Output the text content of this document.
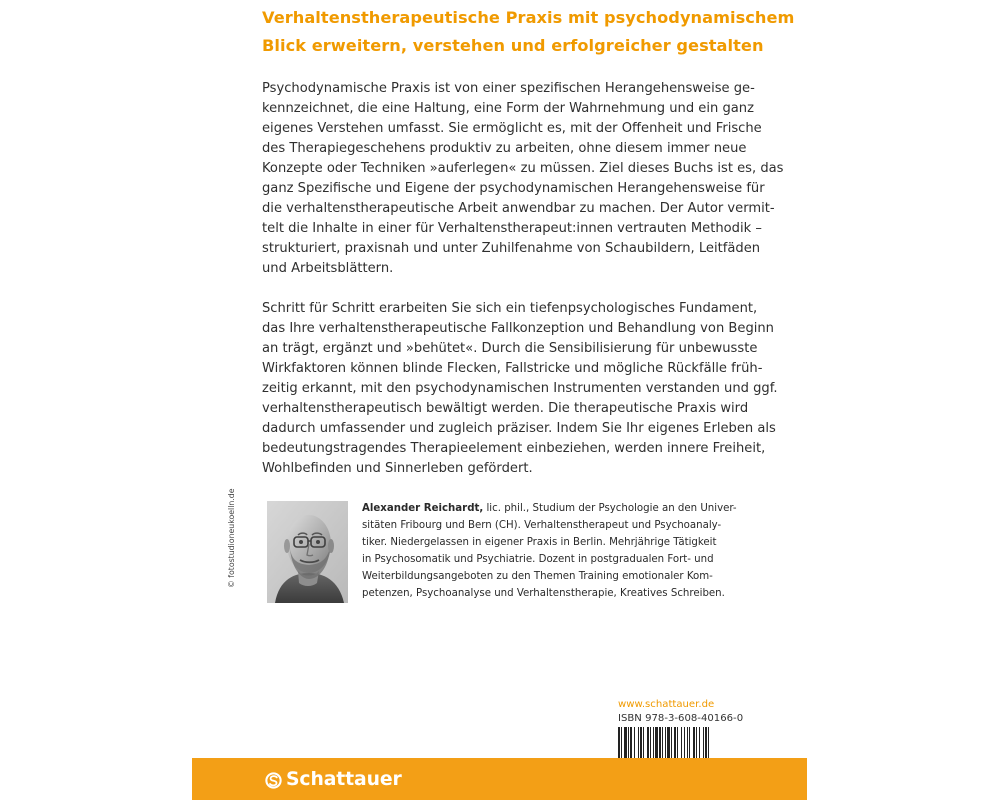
Verhaltenstherapeutische Praxis mit psychodynamischem
Blick erweitern, verstehen und erfolgreicher gestalten
Psychodynamische Praxis ist von einer spezifischen Herangehensweise ge-
kennzeichnet, die eine Haltung, eine Form der Wahrnehmung und ein ganz
eigenes Verstehen umfasst. Sie ermöglicht es, mit der Offenheit und Frische
des Therapiegeschehens produktiv zu arbeiten, ohne diesem immer neue
Konzepte oder Techniken »auferlegen« zu müssen. Ziel dieses Buchs ist es, das
ganz Spezifische und Eigene der psychodynamischen Herangehensweise für
die verhaltenstherapeutische Arbeit anwendbar zu machen. Der Autor vermit-
telt die Inhalte in einer für Verhaltenstherapeut:innen vertrauten Methodik –
strukturiert, praxisnah und unter Zuhilfenahme von Schaubildern, Leitfäden
und Arbeitsblättern.
Schritt für Schritt erarbeiten Sie sich ein tiefenpsychologisches Fundament,
das Ihre verhaltenstherapeutische Fallkonzeption und Behandlung von Beginn
an trägt, ergänzt und »behütet«. Durch die Sensibilisierung für unbewusste
Wirkfaktoren können blinde Flecken, Fallstricke und mögliche Rückfälle früh-
zeitig erkannt, mit den psychodynamischen Instrumenten verstanden und ggf.
verhaltenstherapeutisch bewältigt werden. Die therapeutische Praxis wird
dadurch umfassender und zugleich präziser. Indem Sie Ihr eigenes Erleben als
bedeutungstragendes Therapieelement einbeziehen, werden innere Freiheit,
Wohlbefinden und Sinnerleben gefördert.
© fotostudioneukoelln.de	Alexander Reichardt, lic. phil., Studium der Psychologie an den Univer-
sitäten Fribourg und Bern (CH). Verhaltenstherapeut und Psychoanaly-
tiker. Niedergelassen in eigener Praxis in Berlin. Mehrjährige Tätigkeit
in Psychosomatik und Psychiatrie. Dozent in postgradualen Fort- und
Weiterbildungsangeboten zu den Themen Training emotionaler Kom-
petenzen, Psychoanalyse und Verhaltenstherapie, Kreatives Schreiben.
www.schattauer.de
ISBN 978-3-608-40166-0
Schattauer
